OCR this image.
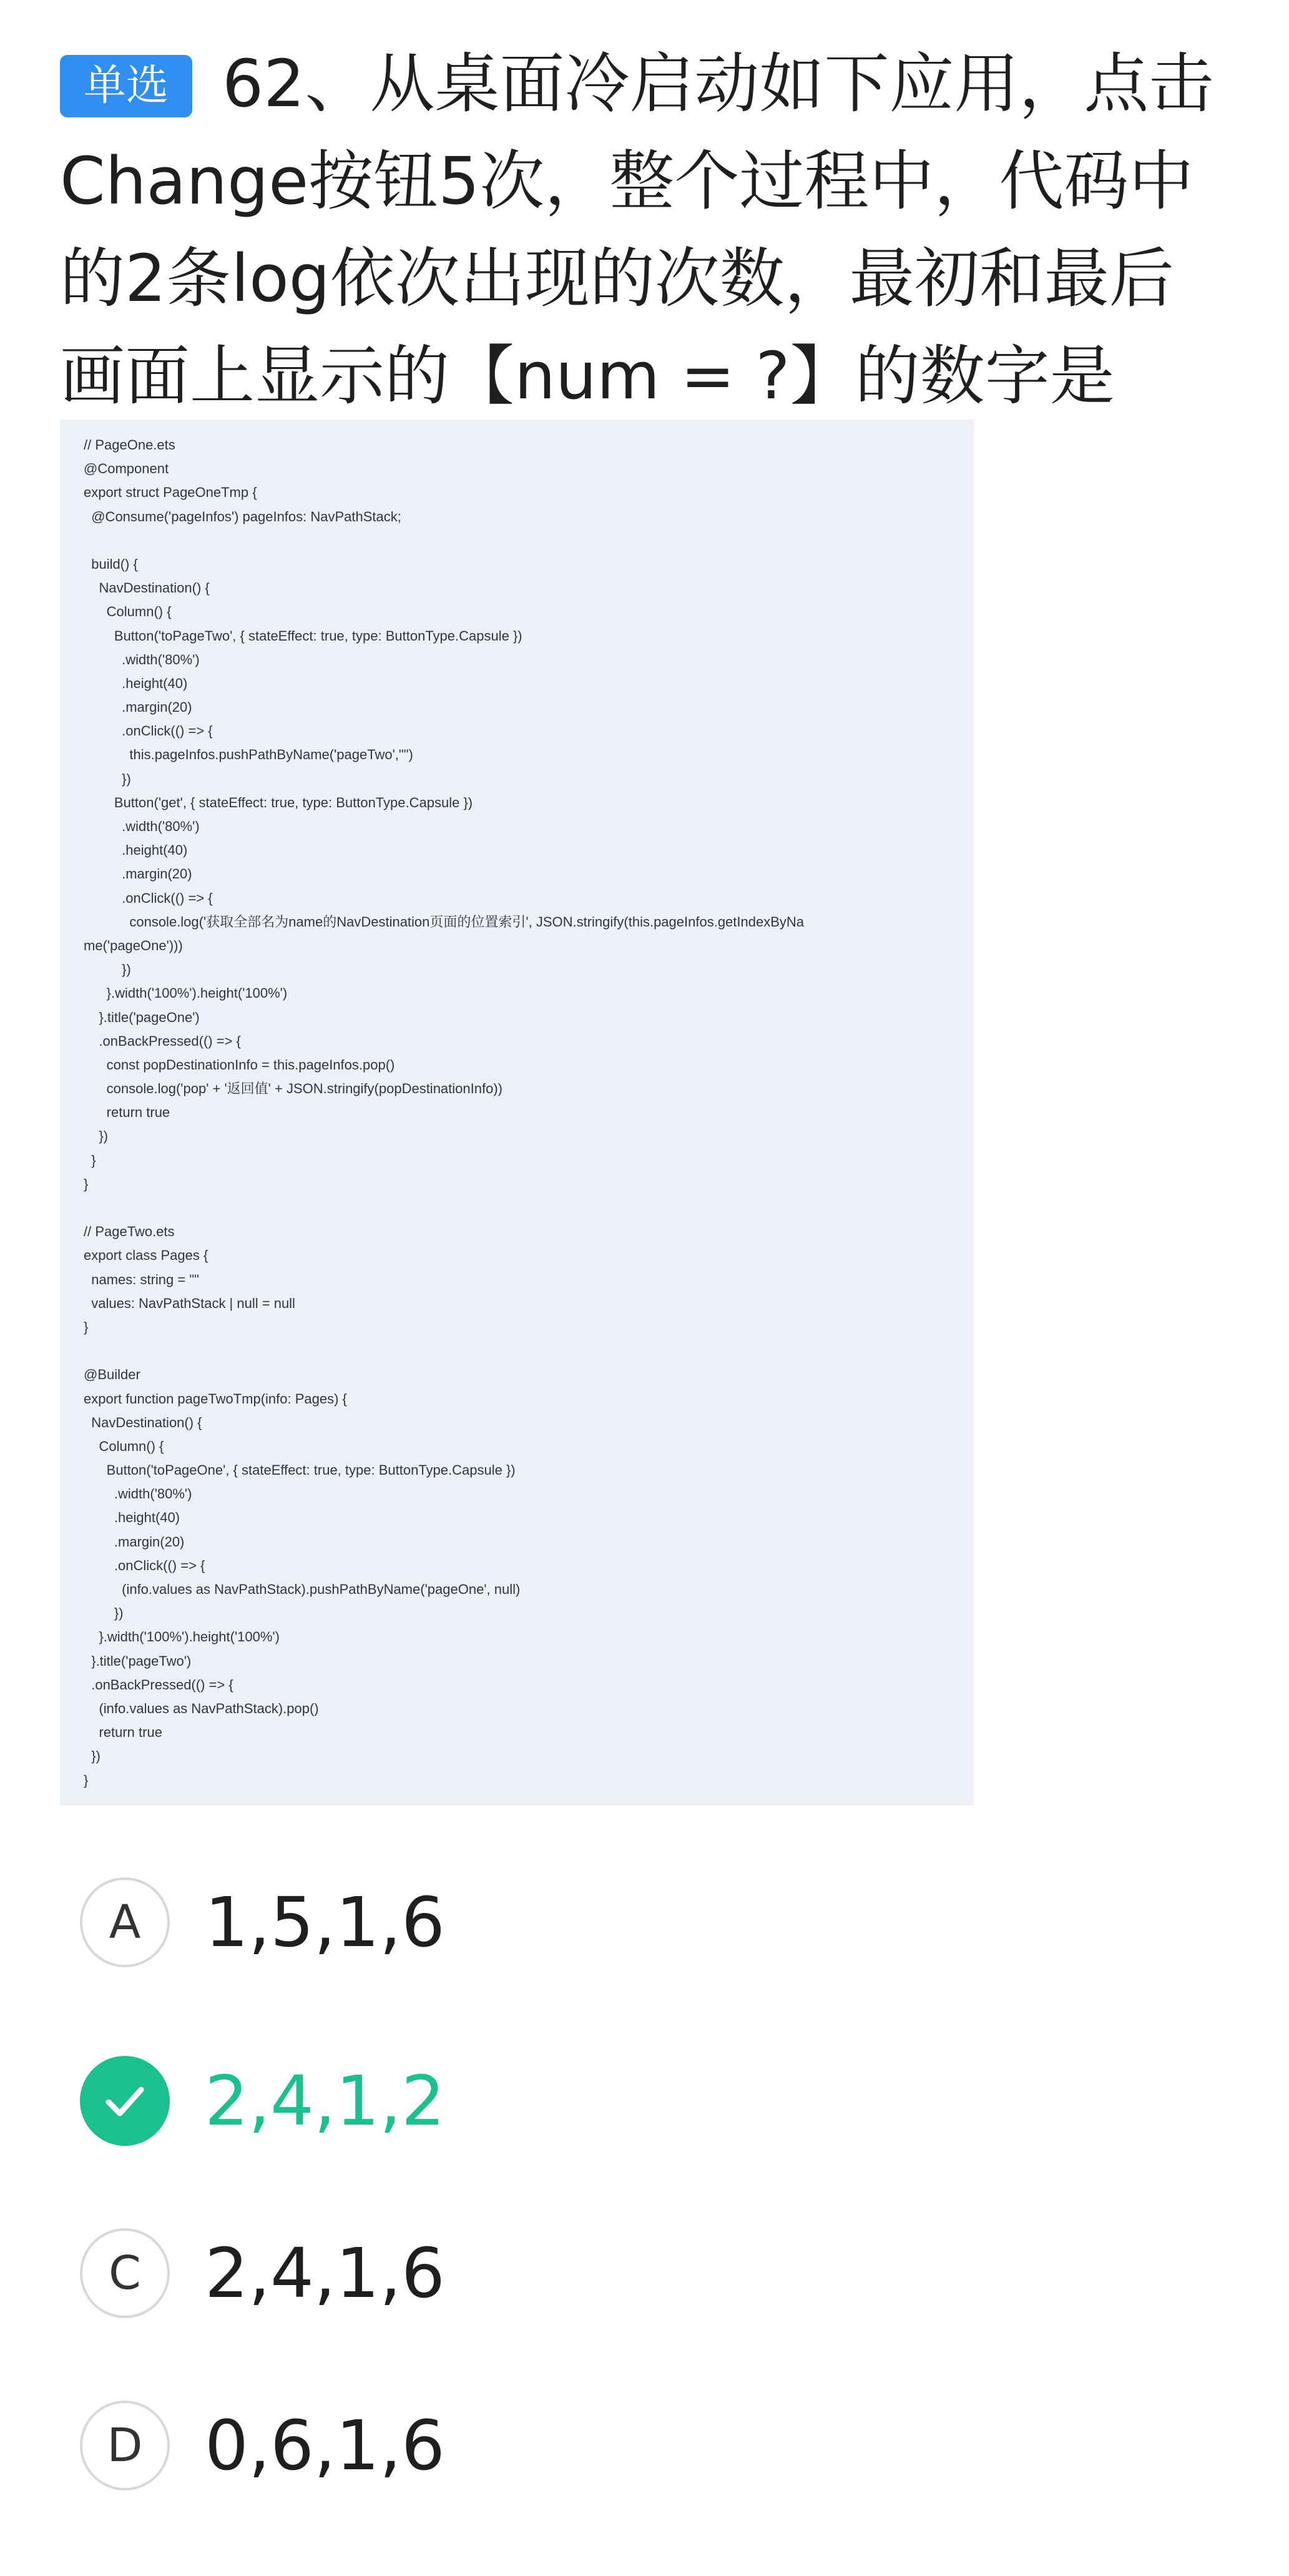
单选 62、从桌面冷启动如下应用，点击Change按钮5次，整个过程中，代码中的2条log依次出现的次数，最初和最后画面上显示的【num = ?】的数字是

// PageOne.ets
@Component
export struct PageOneTmp {
@Consume('pageInfos') pageInfos: NavPathStack;
build() {
NavDestination() {
Column() {
Button('toPageTwo', { stateEffect: true, type: ButtonType.Capsule })
.width('80%')
.height(40)
.margin(20)
.onClick(() => {
this.pageInfos.pushPathByName('pageTwo',"")
})
Button('get', { stateEffect: true, type: ButtonType.Capsule })
.width('80%')
.height(40)
.margin(20)
.onClick(() => {
console.log('获取全部名为name的NavDestination页面的位置索引', JSON.stringify(this.pageInfos.getIndexByNa
me('pageOne')))
})
}.width('100%').height('100%')
}.title('pageOne')
.onBackPressed(() => {
const popDestinationInfo = this.pageInfos.pop()
console.log('pop' + '返回值' + JSON.stringify(popDestinationInfo))
return true
})
}
}
// PageTwo.ets
export class Pages {
names: string = ""
values: NavPathStack | null = null
}
@Builder
export function pageTwoTmp(info: Pages) {
NavDestination() {
Column() {
Button('toPageOne', { stateEffect: true, type: ButtonType.Capsule })
.width('80%')
.height(40)
.margin(20)
.onClick(() => {
(info.values as NavPathStack).pushPathByName('pageOne', null)
})
}.width('100%').height('100%')
}.title('pageTwo')
.onBackPressed(() => {
(info.values as NavPathStack).pop()
return true
})
}
A 1,5,1,6
2,4,1,2
C 2,4,1,6
D 0,6,1,6
